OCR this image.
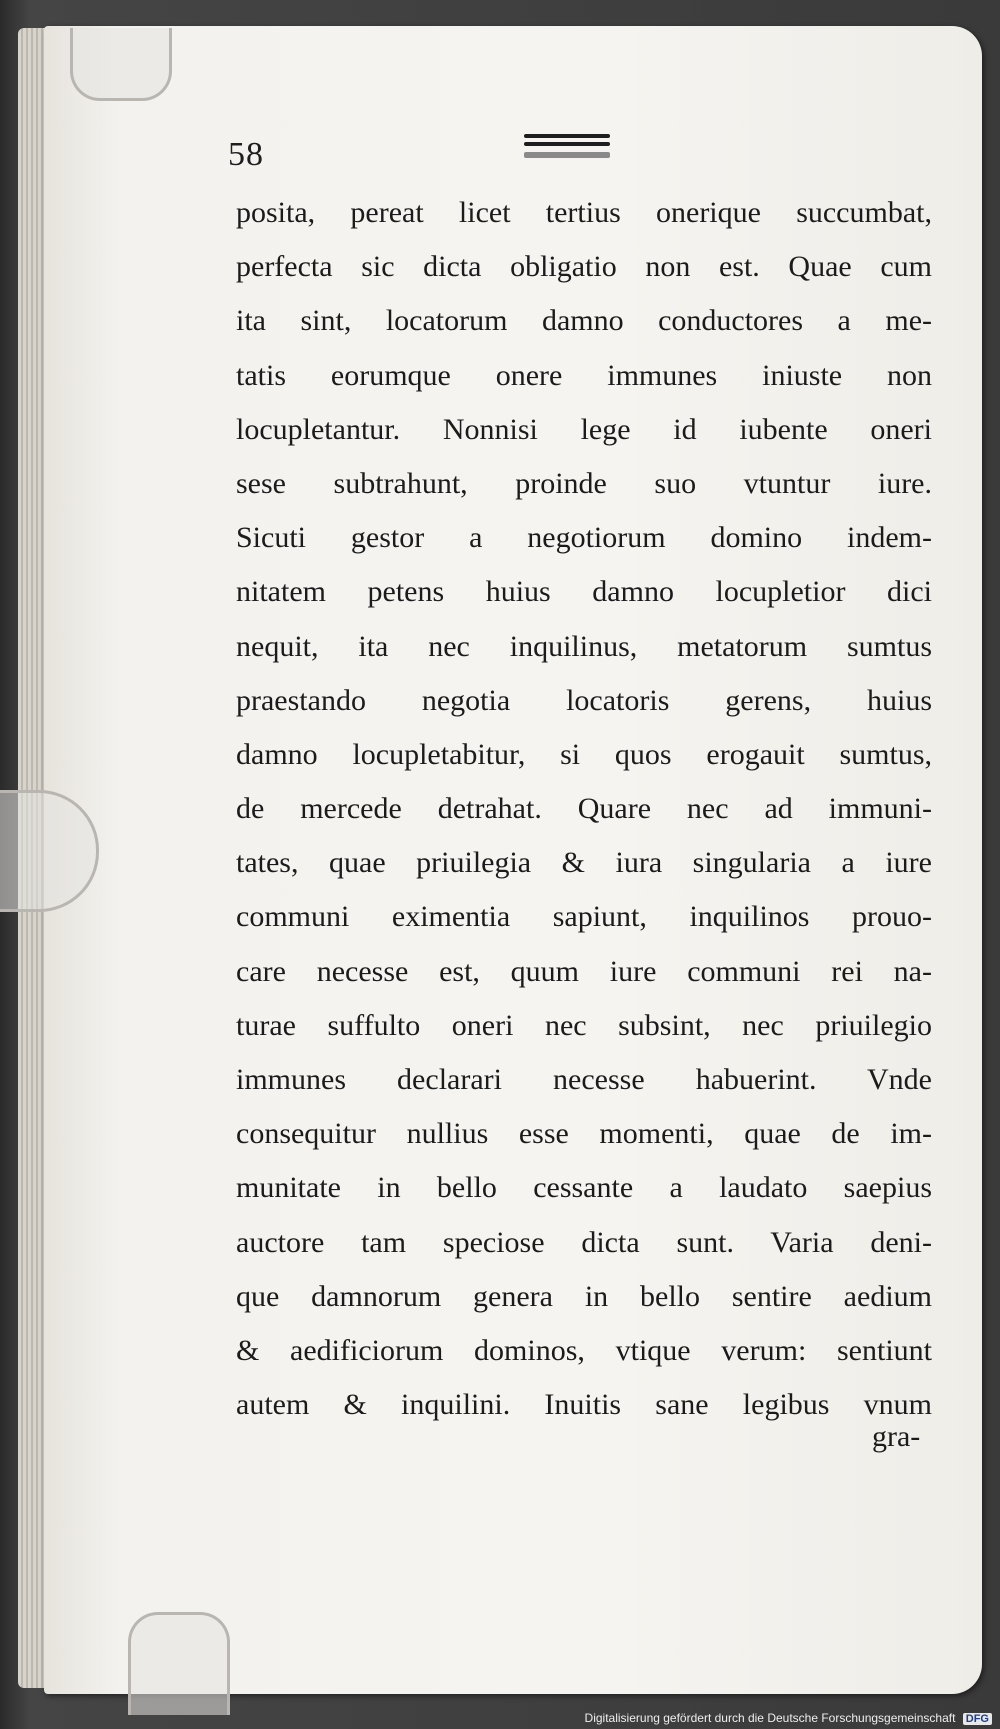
58
posita, pereat licet tertius onerique succumbat,
perfecta sic dicta obligatio non est. Quae cum
ita sint, locatorum damno conductores a me-
tatis eorumque onere immunes iniuste non
locupletantur. Nonnisi lege id iubente oneri
sese subtrahunt, proinde suo vtuntur iure.
Sicuti gestor a negotiorum domino indem-
nitatem petens huius damno locupletior dici
nequit, ita nec inquilinus, metatorum sumtus
praestando negotia locatoris gerens, huius
damno locupletabitur, si quos erogauit sumtus,
de mercede detrahat. Quare nec ad immuni-
tates, quae priuilegia & iura singularia a iure
communi eximentia sapiunt, inquilinos prouo-
care necesse est, quum iure communi rei na-
turae suffulto oneri nec subsint, nec priuilegio
immunes declarari necesse habuerint. Vnde
consequitur nullius esse momenti, quae de im-
munitate in bello cessante a laudato saepius
auctore tam speciose dicta sunt. Varia deni-
que damnorum genera in bello sentire aedium
& aedificiorum dominos, vtique verum: sentiunt
autem & inquilini. Inuitis sane legibus vnum
gra-
Digitalisierung gefördert durch die Deutsche Forschungsgemeinschaft DFG
